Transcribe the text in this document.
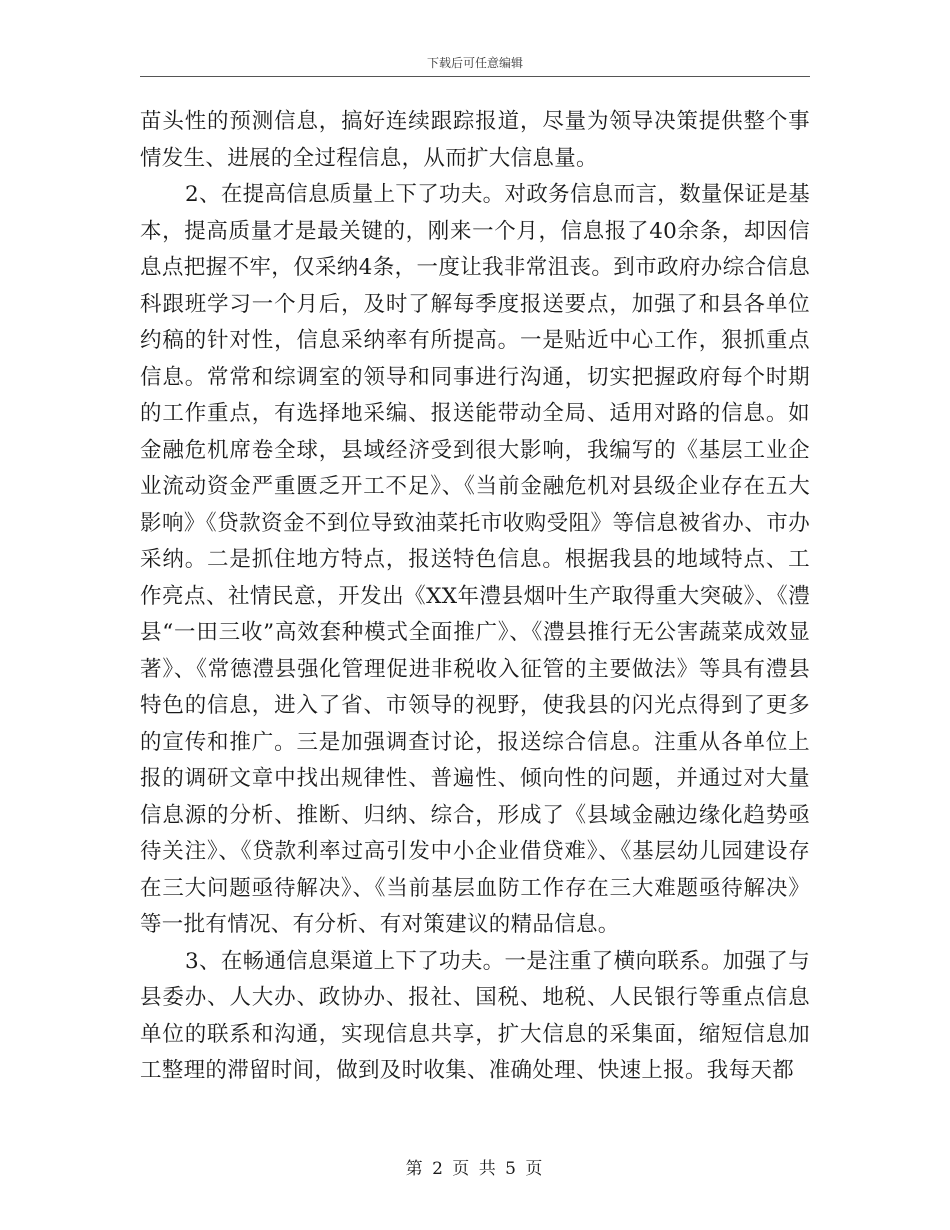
下载后可任意编辑

苗头性的预测信息，搞好连续跟踪报道，尽量为领导决策提供整个事情发生、进展的全过程信息，从而扩大信息量。

2、在提高信息质量上下了功夫。对政务信息而言，数量保证是基本，提高质量才是最关键的，刚来一个月，信息报了40余条，却因信息点把握不牢，仅采纳4条，一度让我非常沮丧。到市政府办综合信息科跟班学习一个月后，及时了解每季度报送要点，加强了和县各单位约稿的针对性，信息采纳率有所提高。一是贴近中心工作，狠抓重点信息。常常和综调室的领导和同事进行沟通，切实把握政府每个时期的工作重点，有选择地采编、报送能带动全局、适用对路的信息。如金融危机席卷全球，县域经济受到很大影响，我编写的《基层工业企业流动资金严重匮乏开工不足》、《当前金融危机对县级企业存在五大影响》《贷款资金不到位导致油菜托市收购受阻》等信息被省办、市办采纳。二是抓住地方特点，报送特色信息。根据我县的地域特点、工作亮点、社情民意，开发出《XX年澧县烟叶生产取得重大突破》、《澧县“一田三收”高效套种模式全面推广》、《澧县推行无公害蔬菜成效显著》、《常德澧县强化管理促进非税收入征管的主要做法》等具有澧县特色的信息，进入了省、市领导的视野，使我县的闪光点得到了更多的宣传和推广。三是加强调查讨论，报送综合信息。注重从各单位上报的调研文章中找出规律性、普遍性、倾向性的问题，并通过对大量信息源的分析、推断、归纳、综合，形成了《县域金融边缘化趋势亟待关注》、《贷款利率过高引发中小企业借贷难》、《基层幼儿园建设存在三大问题亟待解决》、《当前基层血防工作存在三大难题亟待解决》等一批有情况、有分析、有对策建议的精品信息。

3、在畅通信息渠道上下了功夫。一是注重了横向联系。加强了与县委办、人大办、政协办、报社、国税、地税、人民银行等重点信息单位的联系和沟通，实现信息共享，扩大信息的采集面，缩短信息加工整理的滞留时间，做到及时收集、准确处理、快速上报。我每天都

第 2 页 共 5 页
